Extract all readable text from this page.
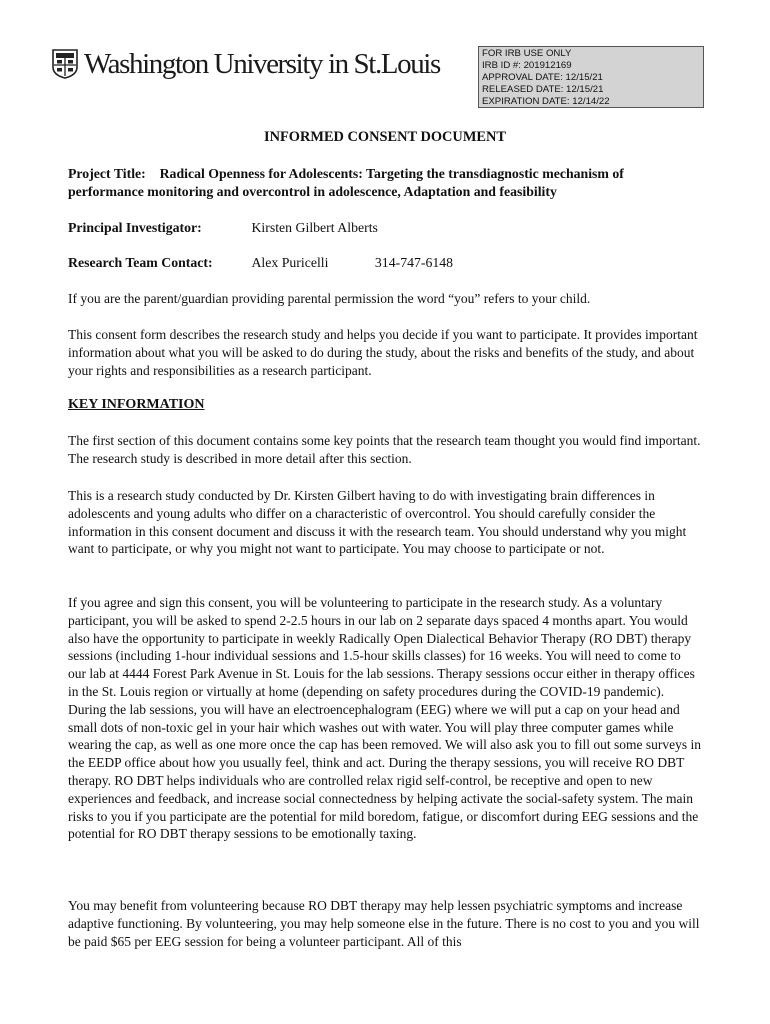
Washington University in St.Louis	FOR IRB USE ONLY
IRB ID #: 201912169
APPROVAL DATE: 12/15/21
RELEASED DATE: 12/15/21
EXPIRATION DATE: 12/14/22
INFORMED CONSENT DOCUMENT
Project Title: Radical Openness for Adolescents: Targeting the transdiagnostic mechanism of performance monitoring and overcontrol in adolescence, Adaptation and feasibility
Principal Investigator:	Kirsten Gilbert Alberts
Research Team Contact:	Alex Puricelli	314-747-6148

If you are the parent/guardian providing parental permission the word “you” refers to your child.

This consent form describes the research study and helps you decide if you want to participate. It provides important information about what you will be asked to do during the study, about the risks and benefits of the study, and about your rights and responsibilities as a research participant.

KEY INFORMATION

The first section of this document contains some key points that the research team thought you would find important. The research study is described in more detail after this section.

This is a research study conducted by Dr. Kirsten Gilbert having to do with investigating brain differences in adolescents and young adults who differ on a characteristic of overcontrol. You should carefully consider the information in this consent document and discuss it with the research team. You should understand why you might want to participate, or why you might not want to participate. You may choose to participate or not.

If you agree and sign this consent, you will be volunteering to participate in the research study. As a voluntary participant, you will be asked to spend 2-2.5 hours in our lab on 2 separate days spaced 4 months apart. You would also have the opportunity to participate in weekly Radically Open Dialectical Behavior Therapy (RO DBT) therapy sessions (including 1-hour individual sessions and 1.5-hour skills classes) for 16 weeks. You will need to come to our lab at 4444 Forest Park Avenue in St. Louis for the lab sessions. Therapy sessions occur either in therapy offices in the St. Louis region or virtually at home (depending on safety procedures during the COVID-19 pandemic). During the lab sessions, you will have an electroencephalogram (EEG) where we will put a cap on your head and small dots of non-toxic gel in your hair which washes out with water. You will play three computer games while wearing the cap, as well as one more once the cap has been removed. We will also ask you to fill out some surveys in the EEDP office about how you usually feel, think and act. During the therapy sessions, you will receive RO DBT therapy. RO DBT helps individuals who are controlled relax rigid self-control, be receptive and open to new experiences and feedback, and increase social connectedness by helping activate the social-safety system. The main risks to you if you participate are the potential for mild boredom, fatigue, or discomfort during EEG sessions and the potential for RO DBT therapy sessions to be emotionally taxing.

You may benefit from volunteering because RO DBT therapy may help lessen psychiatric symptoms and increase adaptive functioning. By volunteering, you may help someone else in the future. There is no cost to you and you will be paid $65 per EEG session for being a volunteer participant. All of this
